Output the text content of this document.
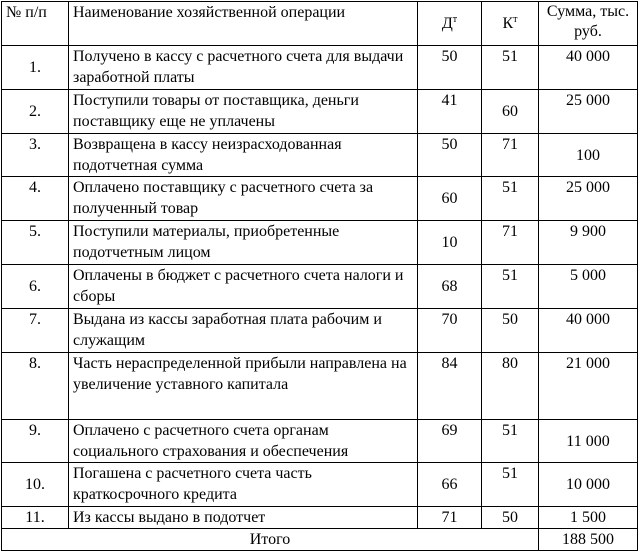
№ п/п	Наименование хозяйственной операции	$Д^т$	$К^т$	Сумма, тыс. руб.
1.	Получено в кассу с расчетного счета для выдачи заработной платы	50	51	40 000
2.	Поступили товары от поставщика, деньги поставщику еще не уплачены	41	60	25 000
3.	Возвращена в кассу неизрасходованная подотчетная сумма	50	71	100
4.	Оплачено поставщику с расчетного счета за полученный товар	60	51	25 000
5.	Поступили материалы, приобретенные подотчетным лицом	10	71	9 900
6.	Оплачены в бюджет с расчетного счета налоги и сборы	68	51	5 000
7.	Выдана из кассы заработная плата рабочим и служащим	70	50	40 000
8.	Часть нераспределенной прибыли направлена на увеличение уставного капитала	84	80	21 000
9.	Оплачено с расчетного счета органам социального страхования и обеспечения	69	51	11 000
10.	Погашена с расчетного счета часть краткосрочного кредита	66	51	10 000
11.	Из кассы выдано в подотчет	71	50	1 500
Итого				188 500
